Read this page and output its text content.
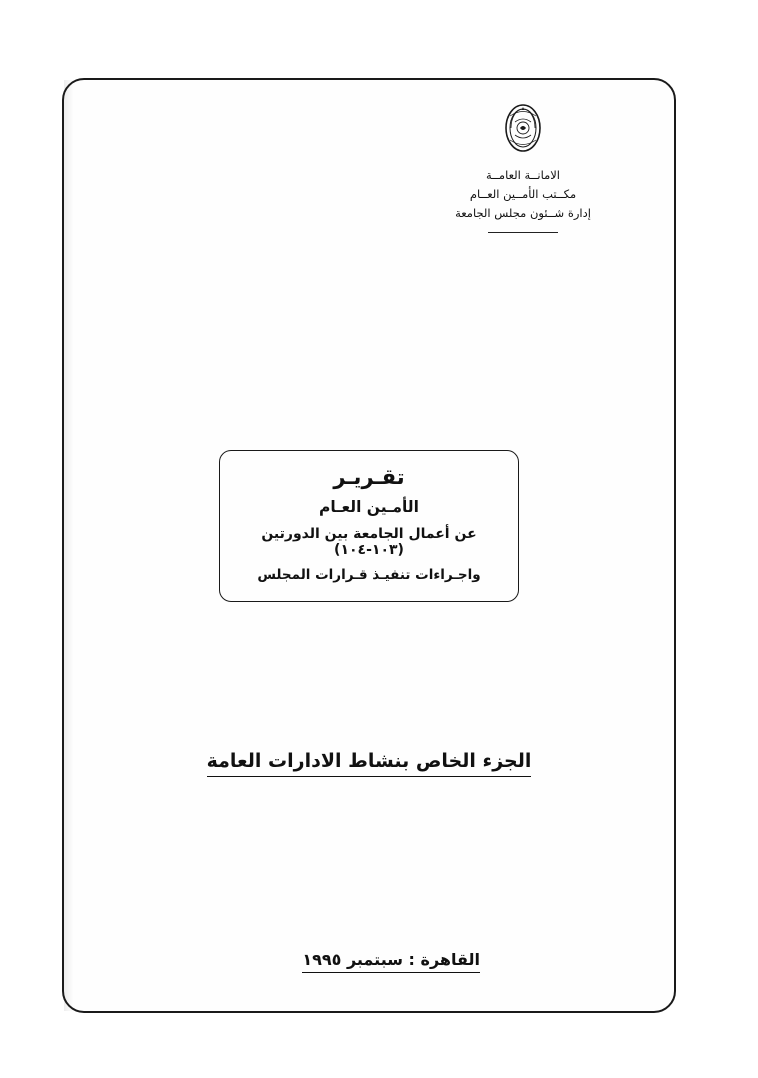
الامانــة العامــة
مكــتب الأمــين العــام
إدارة شــئون مجلس الجامعة
تقـريـر
الأمـين العـام
عن أعمال الجامعة بين الدورتين (١٠٣-١٠٤)
واجـراءات تنفيـذ قـرارات المجلس
الجزء الخاص بنشاط الادارات العامة
القاهرة : سبتمبر ١٩٩٥
